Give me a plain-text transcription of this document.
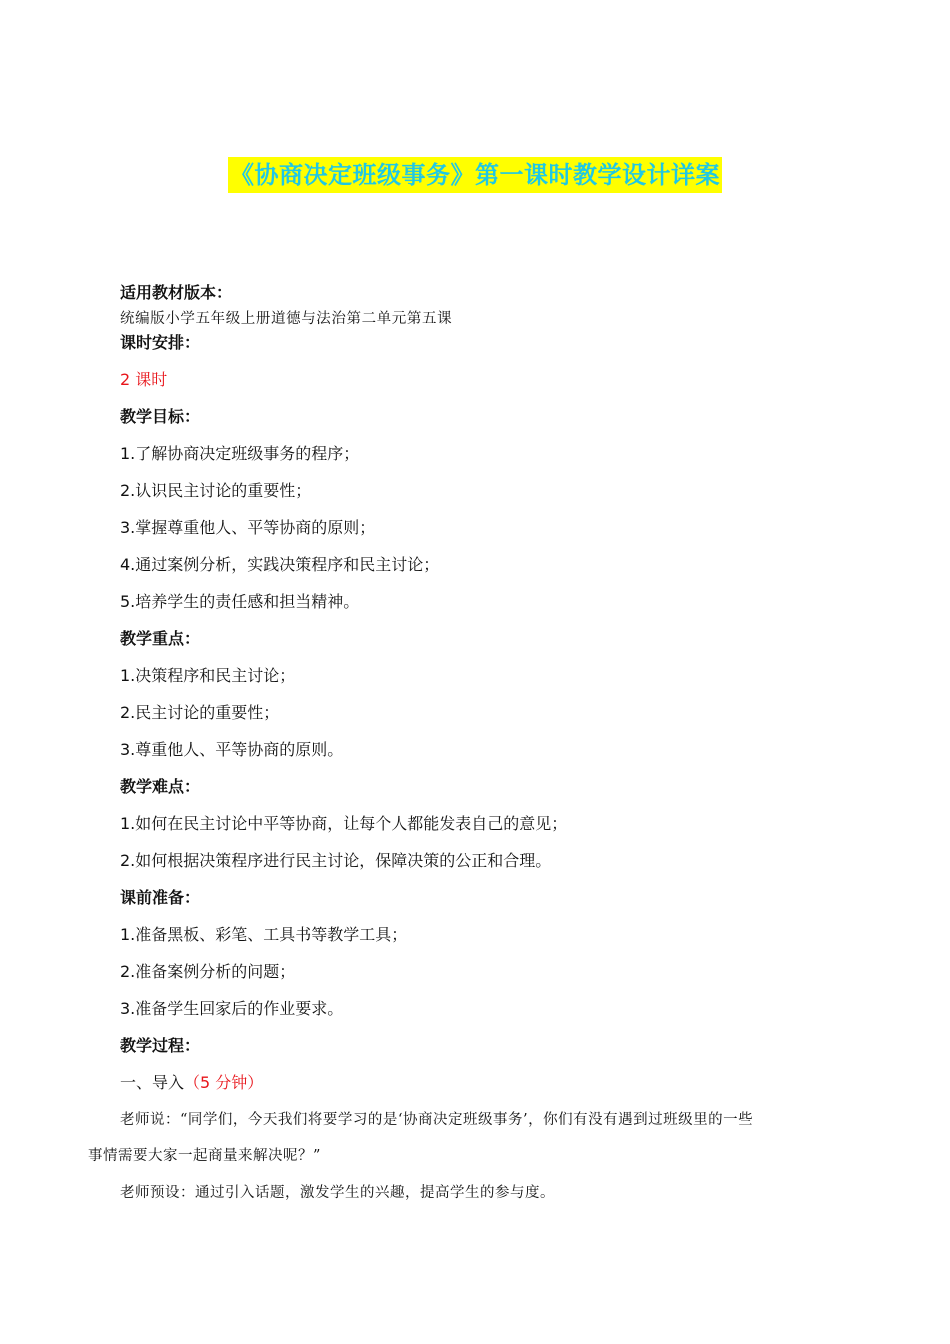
《协商决定班级事务》第一课时教学设计详案
适用教材版本：
统编版小学五年级上册道德与法治第二单元第五课
课时安排：
2 课时
教学目标：
1.了解协商决定班级事务的程序；
2.认识民主讨论的重要性；
3.掌握尊重他人、平等协商的原则；
4.通过案例分析，实践决策程序和民主讨论；
5.培养学生的责任感和担当精神。
教学重点：
1.决策程序和民主讨论；
2.民主讨论的重要性；
3.尊重他人、平等协商的原则。
教学难点：
1.如何在民主讨论中平等协商，让每个人都能发表自己的意见；
2.如何根据决策程序进行民主讨论，保障决策的公正和合理。
课前准备：
1.准备黑板、彩笔、工具书等教学工具；
2.准备案例分析的问题；
3.准备学生回家后的作业要求。
教学过程：
一、导入（5 分钟）
老师说：“同学们，今天我们将要学习的是‘协商决定班级事务’，你们有没有遇到过班级里的一些
事情需要大家一起商量来解决呢？”
老师预设：通过引入话题，激发学生的兴趣，提高学生的参与度。
